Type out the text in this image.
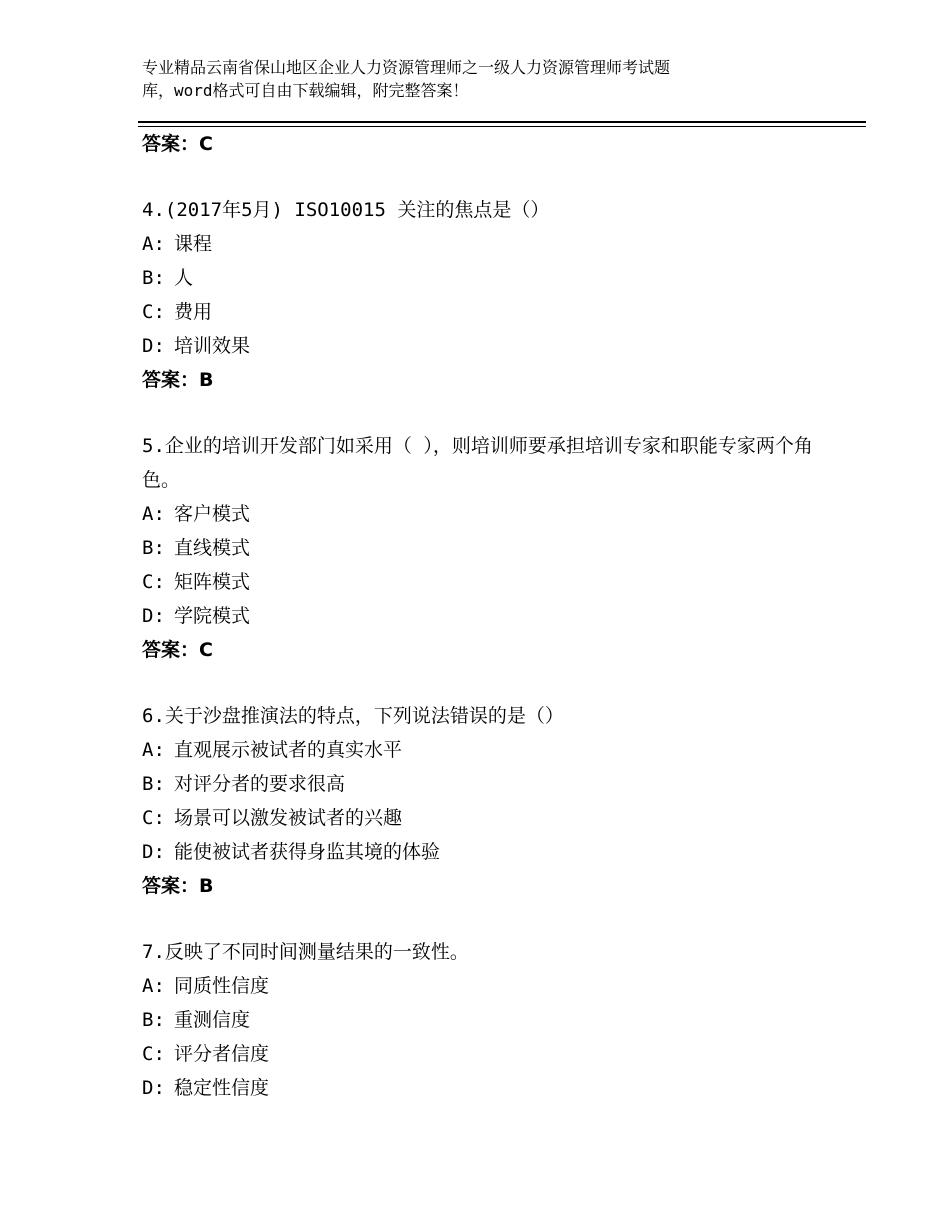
专业精品云南省保山地区企业人力资源管理师之一级人力资源管理师考试题
库，word格式可自由下载编辑，附完整答案！
答案：C
4.(2017年5月) ISO10015 关注的焦点是（）
A: 课程
B: 人
C: 费用
D: 培训效果
答案：B
5.企业的培训开发部门如采用（ ），则培训师要承担培训专家和职能专家两个角色。
A: 客户模式
B: 直线模式
C: 矩阵模式
D: 学院模式
答案：C
6.关于沙盘推演法的特点，下列说法错误的是（）
A: 直观展示被试者的真实水平
B: 对评分者的要求很高
C: 场景可以激发被试者的兴趣
D: 能使被试者获得身监其境的体验
答案：B
7.反映了不同时间测量结果的一致性。
A: 同质性信度
B: 重测信度
C: 评分者信度
D: 稳定性信度
